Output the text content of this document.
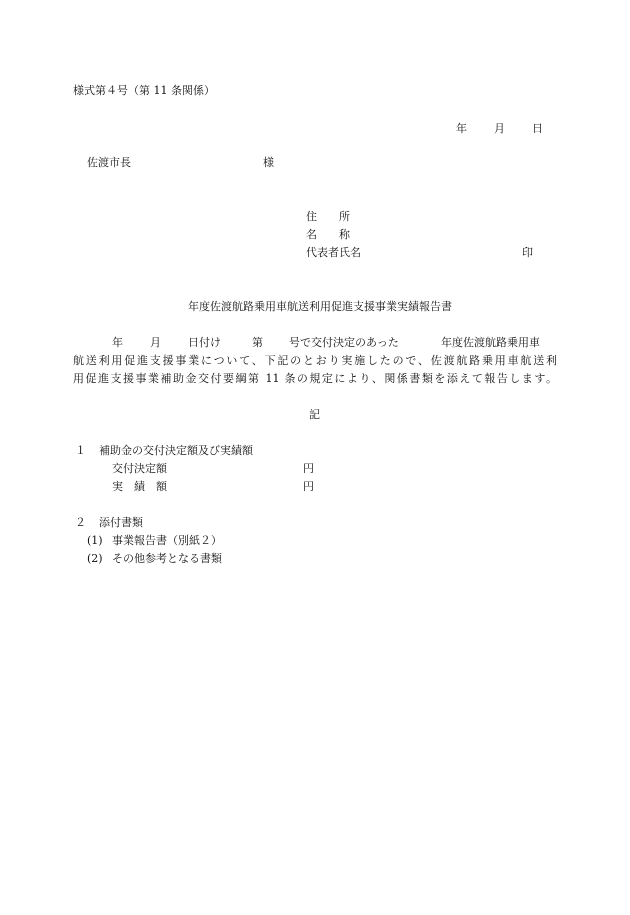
様式第４号（第 11 条関係）
年 月 日
佐渡市長	様
住　　所
名　　称
代表者氏名	印
年度佐渡航路乗用車航送利用促進支援事業実績報告書
年 月 日付け	第 号で交付決定のあった	年度佐渡航路乗用車
航送利用促進支援事業について、下記のとおり実施したので、佐渡航路乗用車航送利
用促進支援事業補助金交付要綱第 11 条の規定により、関係書類を添えて報告します。
記
１ 補助金の交付決定額及び実績額
交付決定額	円
実　績　額	円
２ 添付書類
(1) 事業報告書（別紙２）
(2) その他参考となる書類
